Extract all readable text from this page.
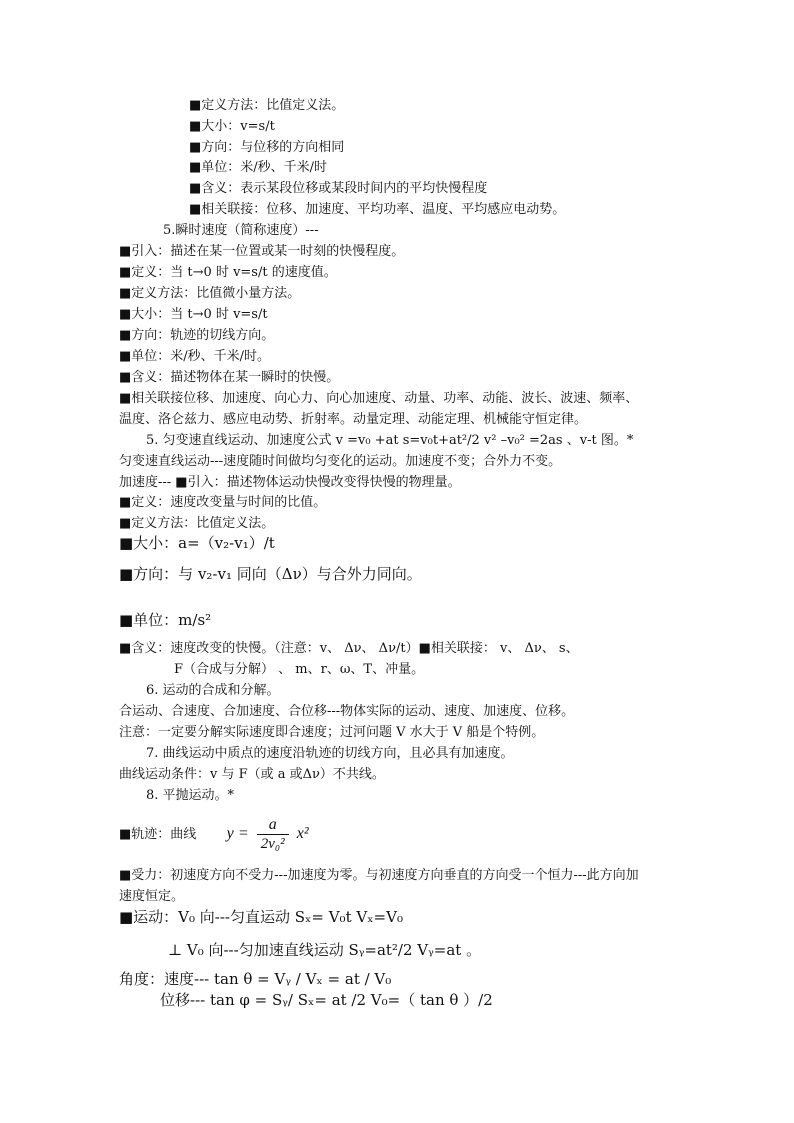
■定义方法：比值定义法。
■大小：v=s/t
■方向：与位移的方向相同
■单位：米/秒、千米/时
■含义：表示某段位移或某段时间内的平均快慢程度
■相关联接：位移、加速度、平均功率、温度、平均感应电动势。
5.瞬时速度（简称速度）---
■引入：描述在某一位置或某一时刻的快慢程度。
■定义：当 t→0 时 v=s/t 的速度值。
■定义方法：比值微小量方法。
■大小：当 t→0 时 v=s/t
■方向：轨迹的切线方向。
■单位：米/秒、千米/时。
■含义：描述物体在某一瞬时的快慢。
■相关联接位移、加速度、向心力、向心加速度、动量、功率、动能、波长、波速、频率、
温度、洛仑兹力、感应电动势、折射率。动量定理、动能定理、机械能守恒定律。
5. 匀变速直线运动、加速度公式 v =v₀ +at s=v₀t+at²/2 v² –v₀² =2as 、v-t 图。*
匀变速直线运动---速度随时间做均匀变化的运动。加速度不变；合外力不变。
加速度--- ■引入：描述物体运动快慢改变得快慢的物理量。
■定义：速度改变量与时间的比值。
■定义方法：比值定义法。
■大小：a=（v₂-v₁）/t
■方向：与 v₂-v₁ 同向（Δν）与合外力同向。
■单位：m/s²
■含义：速度改变的快慢。（注意：v、 Δν、 Δν/t）■相关联接： v、 Δν、 s、
F（合成与分解） 、 m、r、ω、T、冲量。
6. 运动的合成和分解。
合运动、合速度、合加速度、合位移---物体实际的运动、速度、加速度、位移。
注意：一定要分解实际速度即合速度；过河问题 V 水大于 V 船是个特例。
7. 曲线运动中质点的速度沿轨迹的切线方向，且必具有加速度。
曲线运动条件：v 与 F（或 a 或Δν）不共线。
8. 平抛运动。*
■轨迹：曲线 $y = \frac{a}{\text{2v₀²}} x^2$
■受力：初速度方向不受力---加速度为零。与初速度方向垂直的方向受一个恒力---此方向加
速度恒定。
■运动：V₀ 向---匀直运动 Sₓ= V₀t Vₓ=V₀
⊥ V₀ 向---匀加速直线运动 Sᵧ=at²/2 Vᵧ=at 。
角度：速度--- tan θ = Vᵧ / Vₓ = at / V₀
位移--- tan φ = Sᵧ/ Sₓ= at /2 V₀=（ tan θ ）/2
